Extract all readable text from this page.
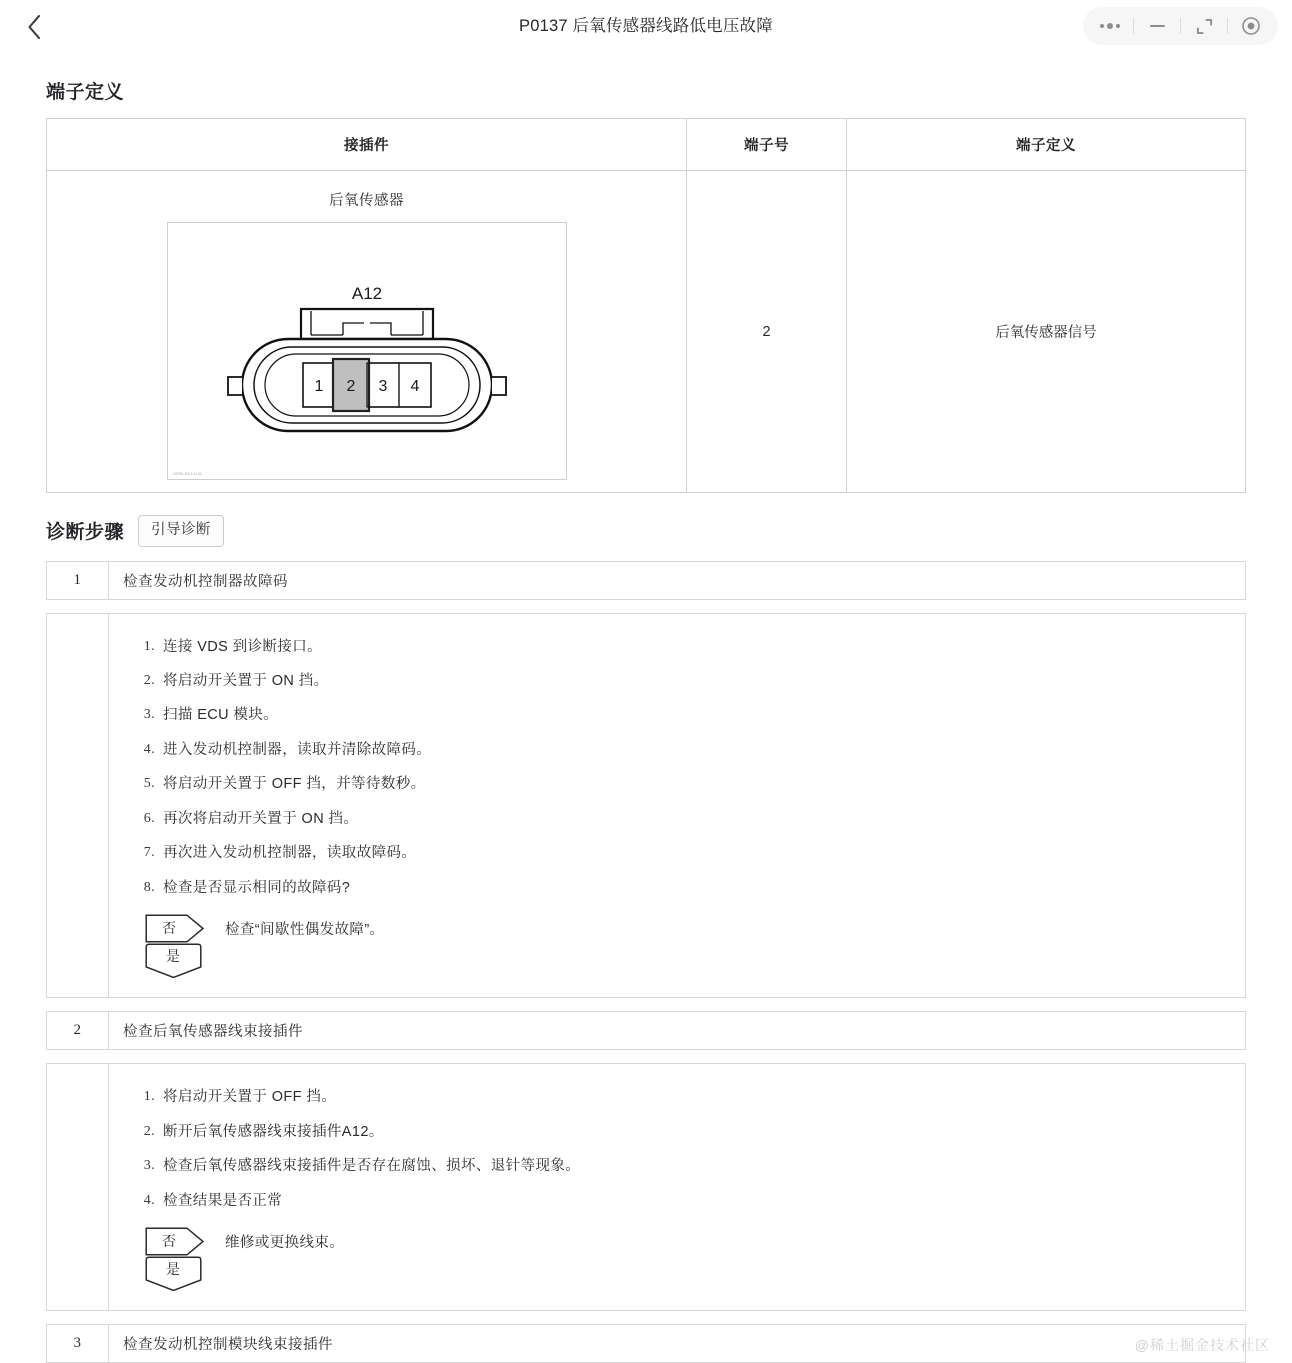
P0137 后氧传感器线路低电压故障
端子定义
接插件	端子号	端子定义

后氧传感器
A12
1 2 3 4
JJRPA-RAJ-0136
	2	后氧传感器信号
诊断步骤	引导诊断
1	检查发动机控制器故障码

连接 VDS 到诊断接口。
将启动开关置于 ON 挡。
扫描 ECU 模块。
进入发动机控制器，读取并清除故障码。
将启动开关置于 OFF 挡，并等待数秒。
再次将启动开关置于 ON 挡。
再次进入发动机控制器，读取故障码。
检查是否显示相同的故障码?
否	检查“间歇性偶发故障”。
是
2	检查后氧传感器线束接插件

将启动开关置于 OFF 挡。
断开后氧传感器线束接插件A12。
检查后氧传感器线束接插件是否存在腐蚀、损坏、退针等现象。
检查结果是否正常
否	维修或更换线束。
是
3	检查发动机控制模块线束接插件	@稀土掘金技术社区
